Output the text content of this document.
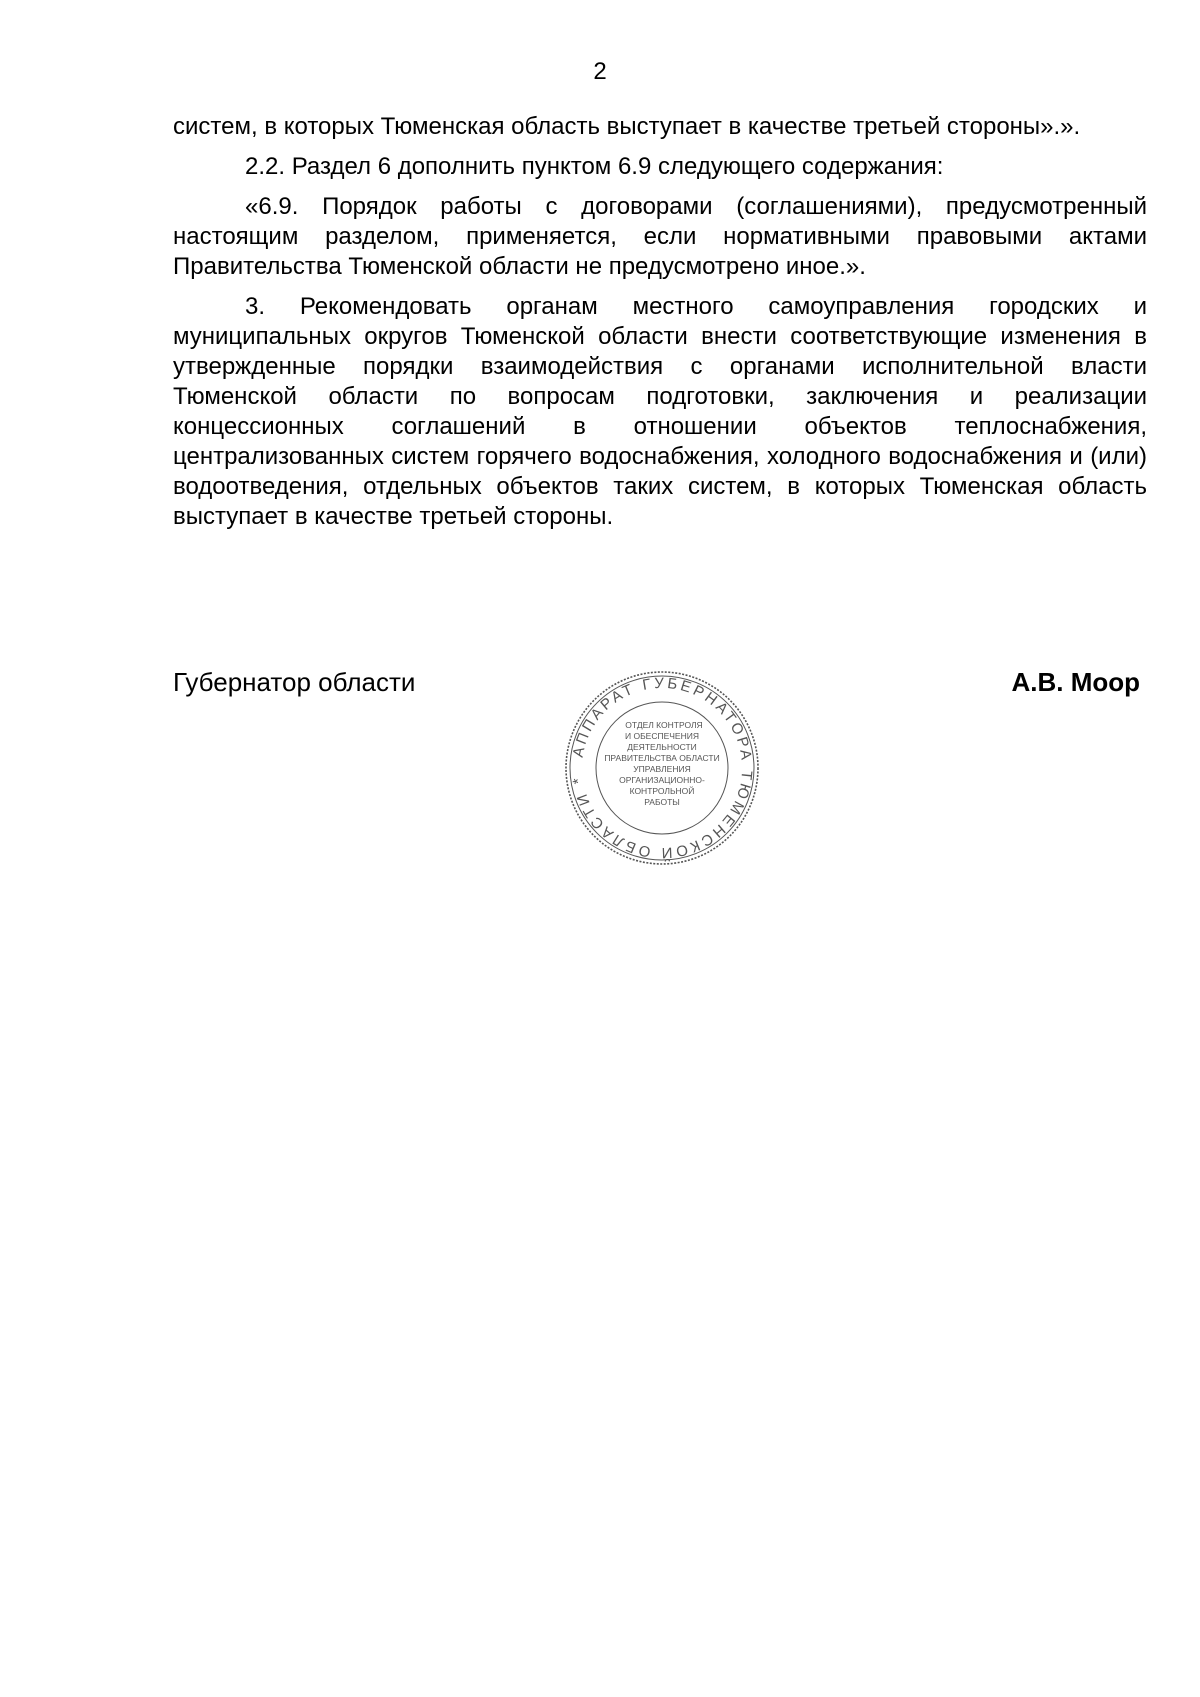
2

систем, в которых Тюменская область выступает в качестве третьей стороны».».

2.2. Раздел 6 дополнить пунктом 6.9 следующего содержания:

«6.9. Порядок работы с договорами (соглашениями), предусмотренный настоящим разделом, применяется, если нормативными правовыми актами Правительства Тюменской области не предусмотрено иное.».

3. Рекомендовать органам местного самоуправления городских и муниципальных округов Тюменской области внести соответствующие изменения в утвержденные порядки взаимодействия с органами исполнительной власти Тюменской области по вопросам подготовки, заключения и реализации концессионных соглашений в отношении объектов теплоснабжения, централизованных систем горячего водоснабжения, холодного водоснабжения и (или) водоотведения, отдельных объектов таких систем, в которых Тюменская область выступает в качестве третьей стороны.

Губернатор области	А.В. Моор
АППАРАТ ГУБЕРНАТОРА ТЮМЕНСКОЙ ОБЛАСТИ *
ОТДЕЛ КОНТРОЛЯ
И ОБЕСПЕЧЕНИЯ
ДЕЯТЕЛЬНОСТИ
ПРАВИТЕЛЬСТВА ОБЛАСТИ
УПРАВЛЕНИЯ
ОРГАНИЗАЦИОННО-
КОНТРОЛЬНОЙ
РАБОТЫ
